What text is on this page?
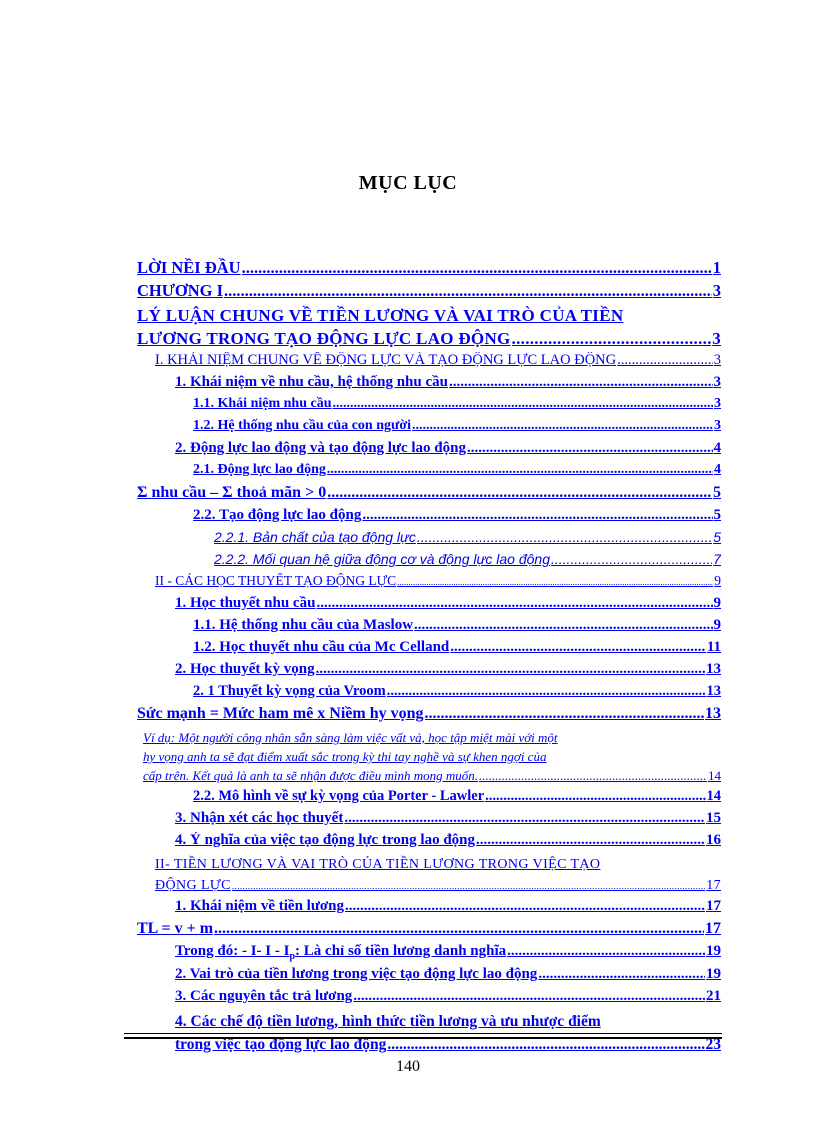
MỤC LỤC
LỜI NỀI ĐẦU .....	1
CHƯƠNG I .....	3
LÝ LUẬN CHUNG VỀ TIỀN LƯƠNG VÀ VAI TRÒ CỦA TIỀN
LƯƠNG TRONG TẠO ĐỘNG LỰC LAO ĐỘNG .....	3
I. KHÁI NIỆM CHUNG VỀ ĐỘNG LỰC VÀ TẠO ĐỘNG LỰC LAO ĐỘNG .....	3
1. Khái niệm về nhu cầu, hệ thống nhu cầu .....	3
1.1. Khái niệm nhu cầu .....	3
1.2. Hệ thống nhu cầu của con người .....	3
2. Động lực lao động và tạo động lực lao động .....	4
2.1. Động lực lao động .....	4
Σ nhu cầu – Σ thoả mãn > 0 .....	5
2.2. Tạo động lực lao động .....	5
2.2.1. Bản chất của tạo động lực .....	5
2.2.2. Mối quan hệ giữa động cơ và động lực lao động .....	7
II - CÁC HỌC THUYẾT TẠO ĐỘNG LỰC .....	9
1. Học thuyết nhu cầu .....	9
1.1. Hệ thống nhu cầu của Maslow .....	9
1.2. Học thuyết nhu cầu của Mc Celland .....	11
2. Học thuyết kỳ vọng .....	13
2. 1 Thuyết kỳ vọng của Vroom .....	13
Sức mạnh = Mức ham mê x Niềm hy vọng .....	13
Ví dụ: Một người công nhân sẵn sàng làm việc vất vả, học tập miệt mài với một
hy vọng anh ta sẽ đạt điểm xuất sắc trong kỳ thi tay nghề và sự khen ngợi của
cấp trên. Kết quả là anh ta sẽ nhận được điều mình mong muốn. .....	14
2.2. Mô hình về sự kỳ vọng của Porter - Lawler .....	14
3. Nhận xét các học thuyết .....	15
4. Ý nghĩa của việc tạo động lực trong lao động .....	16
II- TIỀN LƯƠNG VÀ VAI TRÒ CỦA TIỀN LƯƠNG TRONG VIỆC TẠO
ĐỘNG LỰC .....	17
1. Khái niệm về tiền lương .....	17
TL = v + m .....	17
Trong đó: - I- I - $I_p$: Là chỉ số tiền lương danh nghĩa .....	19
2. Vai trò của tiền lương trong việc tạo động lực lao động .....	19
3. Các nguyên tắc trả lương .....	21
4. Các chế độ tiền lương, hình thức tiền lương và ưu nhược điểm
trong việc tạo động lực lao động .....	23
140
